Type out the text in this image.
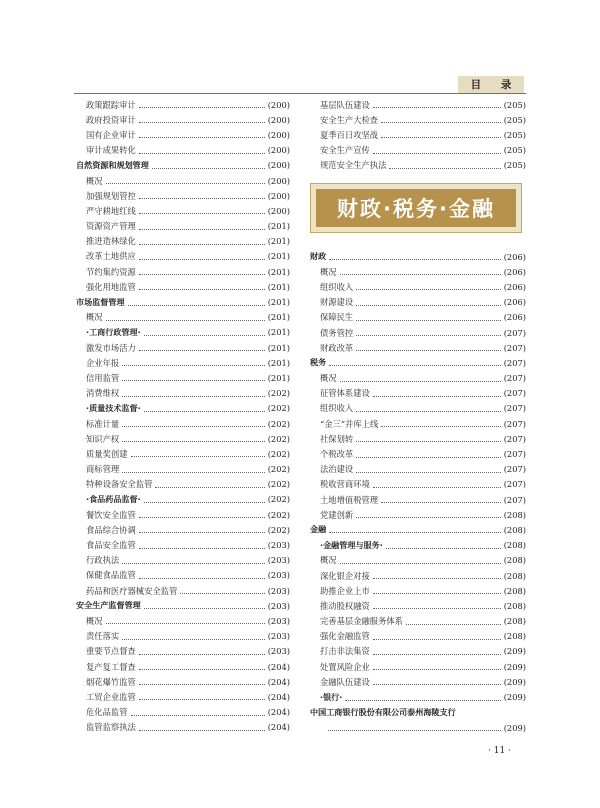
目 录
政策跟踪审计	(200)
政府投资审计	(200)
国有企业审计	(200)
审计成果转化	(200)
自然资源和规划管理	(200)
概况	(200)
加强规划管控	(200)
严守耕地红线	(200)
资源资产管理	(201)
推进造林绿化	(201)
改革土地供应	(201)
节约集约资源	(201)
强化用地监管	(201)
市场监督管理	(201)
概况	(201)
·工商行政管理·	(201)
激发市场活力	(201)
企业年报	(201)
信用监管	(201)
消费维权	(202)
·质量技术监督·	(202)
标准计量	(202)
知识产权	(202)
质量奖创建	(202)
商标管理	(202)
特种设备安全监管	(202)
·食品药品监督·	(202)
餐饮安全监管	(202)
食品综合协调	(202)
食品安全监管	(203)
行政执法	(203)
保健食品监管	(203)
药品和医疗器械安全监管	(203)
安全生产监督管理	(203)
概况	(203)
责任落实	(203)
重要节点督查	(203)
复产复工督查	(204)
烟花爆竹监管	(204)
工贸企业监管	(204)
危化品监管	(204)
监管监察执法	(204)
基层队伍建设	(205)
安全生产大检查	(205)
夏季百日攻坚战	(205)
安全生产宣传	(205)
规范安全生产执法	(205)
财政·税务·金融
财政	(206)
概况	(206)
组织收入	(206)
财源建设	(206)
保障民生	(206)
债务管控	(207)
财政改革	(207)
税务	(207)
概况	(207)
征管体系建设	(207)
组织收入	(207)
“金三”并库上线	(207)
社保划转	(207)
个税改革	(207)
法治建设	(207)
税收营商环境	(207)
土地增值税管理	(207)
党建创新	(208)
金融	(208)
·金融管理与服务·	(208)
概况	(208)
深化银企对接	(208)
助推企业上市	(208)
推动股权融资	(208)
完善基层金融服务体系	(208)
强化金融监管	(208)
打击非法集资	(209)
处置风险企业	(209)
金融队伍建设	(209)
·银行·	(209)
中国工商银行股份有限公司泰州海陵支行
(209)
· 11 ·
